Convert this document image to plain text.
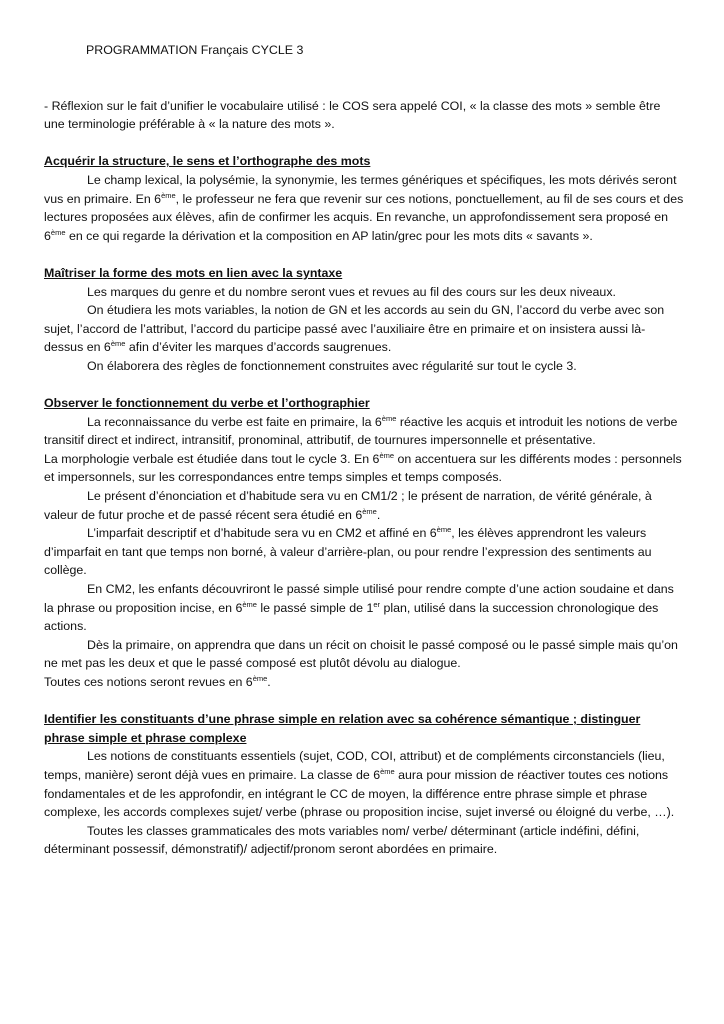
PROGRAMMATION Français CYCLE 3

- Réflexion sur le fait d’unifier le vocabulaire utilisé : le COS sera appelé COI, « la classe des mots » semble être une terminologie préférable à « la nature des mots ».

Acquérir la structure, le sens et l’orthographe des mots

Le champ lexical, la polysémie, la synonymie, les termes génériques et spécifiques, les mots dérivés seront vus en primaire. En 6ème, le professeur ne fera que revenir sur ces notions, ponctuellement, au fil de ses cours et des lectures proposées aux élèves, afin de confirmer les acquis. En revanche, un approfondissement sera proposé en 6ème en ce qui regarde la dérivation et la composition en AP latin/grec pour les mots dits « savants ».

Maîtriser la forme des mots en lien avec la syntaxe

Les marques du genre et du nombre seront vues et revues au fil des cours sur les deux niveaux.

On étudiera les mots variables, la notion de GN et les accords au sein du GN, l’accord du verbe avec son sujet, l’accord de l’attribut, l’accord du participe passé avec l’auxiliaire être en primaire et on insistera aussi là-dessus en 6ème afin d’éviter les marques d’accords saugrenues.

On élaborera des règles de fonctionnement construites avec régularité sur tout le cycle 3.

Observer le fonctionnement du verbe et l’orthographier

La reconnaissance du verbe est faite en primaire, la 6ème réactive les acquis et introduit les notions de verbe transitif direct et indirect, intransitif, pronominal, attributif, de tournures impersonnelle et présentative.

La morphologie verbale est étudiée dans tout le cycle 3. En 6ème on accentuera sur les différents modes : personnels et impersonnels, sur les correspondances entre temps simples et temps composés.

Le présent d’énonciation et d’habitude sera vu en CM1/2 ; le présent de narration, de vérité générale, à valeur de futur proche et de passé récent sera étudié en 6ème.

L’imparfait descriptif et d’habitude sera vu en CM2 et affiné en 6ème, les élèves apprendront les valeurs d’imparfait en tant que temps non borné, à valeur d’arrière-plan, ou pour rendre l’expression des sentiments au collège.

En CM2, les enfants découvriront le passé simple utilisé pour rendre compte d’une action soudaine et dans la phrase ou proposition incise, en 6ème le passé simple de 1er plan, utilisé dans la succession chronologique des actions.

Dès la primaire, on apprendra que dans un récit on choisit le passé composé ou le passé simple mais qu’on ne met pas les deux et que le passé composé est plutôt dévolu au dialogue.

Toutes ces notions seront revues en 6ème.

Identifier les constituants d’une phrase simple en relation avec sa cohérence sémantique ; distinguer phrase simple et phrase complexe

Les notions de constituants essentiels (sujet, COD, COI, attribut) et de compléments circonstanciels (lieu, temps, manière) seront déjà vues en primaire. La classe de 6ème aura pour mission de réactiver toutes ces notions fondamentales et de les approfondir, en intégrant le CC de moyen, la différence entre phrase simple et phrase complexe, les accords complexes sujet/ verbe (phrase ou proposition incise, sujet inversé ou éloigné du verbe, …).

Toutes les classes grammaticales des mots variables nom/ verbe/ déterminant (article indéfini, défini, déterminant possessif, démonstratif)/ adjectif/pronom seront abordées en primaire.
